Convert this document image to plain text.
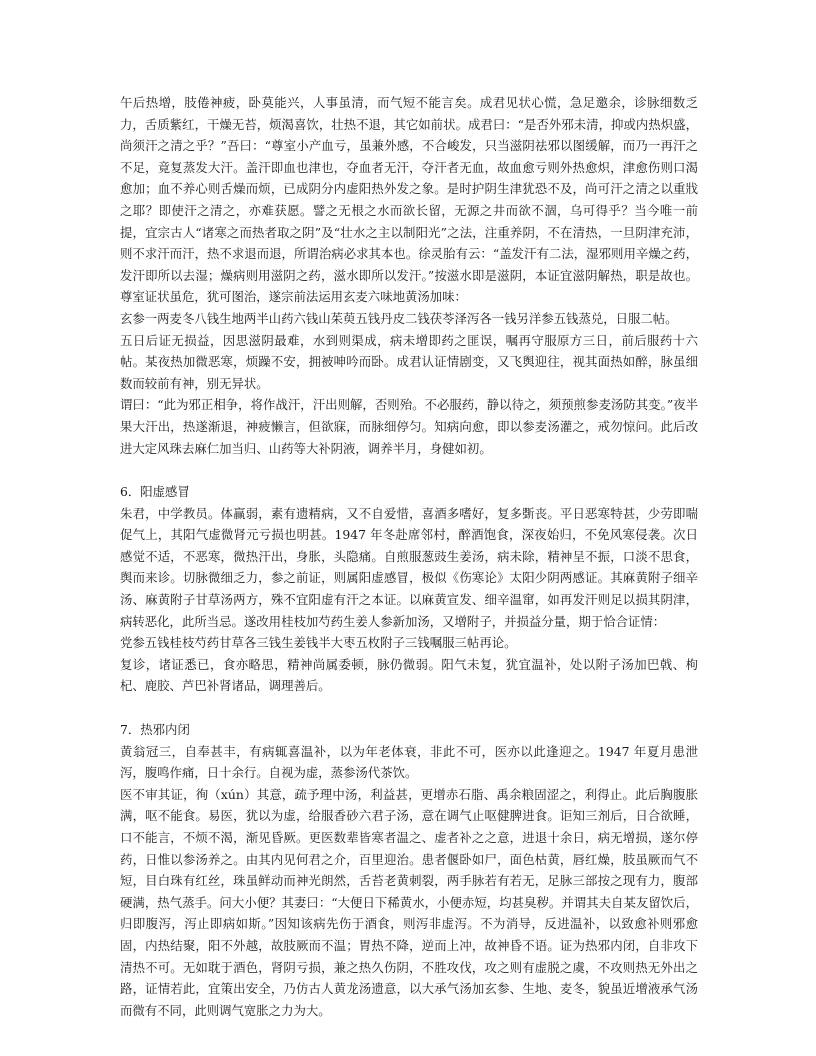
午后热增，肢倦神疲，卧莫能兴，人事虽清，而气短不能言矣。成君见状心慌，急足邀余，诊脉细数乏力，舌质紫红，干燥无苔，烦渴喜饮，壮热不退，其它如前状。成君曰：“是否外邪未清，抑或内热炽盛，尚须汗之清之乎？”吾曰：“尊室小产血亏，虽兼外感，不合峻发，只当滋阴祛邪以图缓解，而乃一再汗之不足，竟复蒸发大汗。盖汗即血也津也，夺血者无汗，夺汗者无血，故血愈亏则外热愈炽，津愈伤则口渴愈加；血不养心则舌燥而烦，已成阴分内虚阳热外发之象。是时护阴生津犹恐不及，尚可汗之清之以重戕之耶？即使汗之清之，亦难获愿。譬之无根之水而欲长留，无源之井而欲不涸，乌可得乎？当今唯一前提，宜宗古人“诸寒之而热者取之阴”及“壮水之主以制阳光”之法，注重养阴，不在清热，一旦阴津充沛，则不求汗而汗，热不求退而退，所谓治病必求其本也。徐灵胎有云：“盖发汗有二法，湿邪则用辛燥之药，发汗即所以去湿；燥病则用滋阴之药，滋水即所以发汗。”按滋水即是滋阴，本证宜滋阴解热，职是故也。尊室证状虽危，犹可图治，遂宗前法运用玄麦六味地黄汤加味：

玄参一两麦冬八钱生地两半山药六钱山茱萸五钱丹皮二钱茯苓泽泻各一钱另洋参五钱蒸兑，日服二帖。

五日后证无损益，因思滋阴最难，水到则渠成，病未增即药之匪误，嘱再守服原方三日，前后服药十六帖。某夜热加微恶寒，烦躁不安，拥被呻吟而卧。成君认证情剧变，又飞舆迎往，视其面热如醉，脉虽细数而较前有神，别无异状。

谓曰：“此为邪正相争，将作战汗，汗出则解，否则殆。不必服药，静以待之，须预煎参麦汤防其变。”夜半果大汗出，热遂渐退，神疲懒言，但欲寐，而脉细停匀。知病向愈，即以参麦汤灌之，戒勿惊问。此后改进大定风珠去麻仁加当归、山药等大补阴液，调养半月，身健如初。

6．阳虚感冒

朱君，中学教员。体赢弱，素有遗精病，又不自爱惜，喜酒多嗜好，复多斲丧。平日恶寒特甚，少劳即喘促气上，其阳气虚微肾元亏损也明甚。1947 年冬赴席邻村，醉酒饱食，深夜始归，不免风寒侵袭。次日感觉不适，不恶寒，微热汗出，身胀，头隐痛。自煎服葱豉生姜汤，病未除，精神呈不振，口淡不思食，舆而来诊。切脉微细乏力，参之前证，则属阳虚感冒，极似《伤寒论》太阳少阴两感证。其麻黄附子细辛汤、麻黄附子甘草汤两方，殊不宜阳虚有汗之本证。以麻黄宣发、细辛温窜，如再发汗则足以损其阴津，病转恶化，此所当忌。遂改用桂枝加芍药生姜人参新加汤，又增附子，并损益分量，期于恰合证情：

党参五钱桂枝芍药甘草各三钱生姜钱半大枣五枚附子三钱嘱服三帖再论。

复诊，诸证悉已，食亦略思，精神尚属委顿，脉仍微弱。阳气未复，犹宜温补，处以附子汤加巴戟、枸杞、鹿胶、芦巴补肾诸品，调理善后。

7．热邪内闭

黄翁冠三，自奉甚丰，有病辄喜温补，以为年老体衰，非此不可，医亦以此逢迎之。1947 年夏月患泄泻，腹鸣作痛，日十余行。自视为虚，蒸参汤代茶饮。

医不审其证，徇（xún）其意，疏予理中汤，利益甚，更增赤石脂、禹余粮固涩之，利得止。此后胸腹胀满，呕不能食。易医，犹以为虚，给服香砂六君子汤，意在调气止呕健脾进食。讵知三剂后，日合欲睡，口不能言，不烦不渴，渐见昏厥。更医数辈皆寒者温之、虚者补之之意，进退十余日，病无增损，遂尔停药，日惟以参汤养之。由其内见何君之介，百里迎治。患者偃卧如尸，面色枯黄，唇红燥，肢虽厥而气不短，目白珠有红丝，珠虽鲜动而神光朗然，舌苔老黄刺裂，两手脉若有若无，足脉三部按之现有力，腹部硬满，热气蒸手。问大小便？其妻曰：“大便日下稀黄水，小便赤短，均甚臭秽。并谓其夫自某友留饮后，归即腹泻，泻止即病如斯。”因知该病先伤于酒食，则泻非虚泻。不为消导，反进温补，以致愈补则邪愈固，内热结聚，阳不外越，故肢厥而不温；胃热不降，逆而上冲，故神昏不语。证为热邪内闭，自非攻下清热不可。无如耽于酒色，肾阴亏损，兼之热久伤阴，不胜攻伐，攻之则有虚脱之虞，不攻则热无外出之路，证情若此，宜策出安全，乃仿古人黄龙汤遗意，以大承气汤加玄参、生地、麦冬，貌虽近增液承气汤而微有不同，此则调气宽胀之力为大。
